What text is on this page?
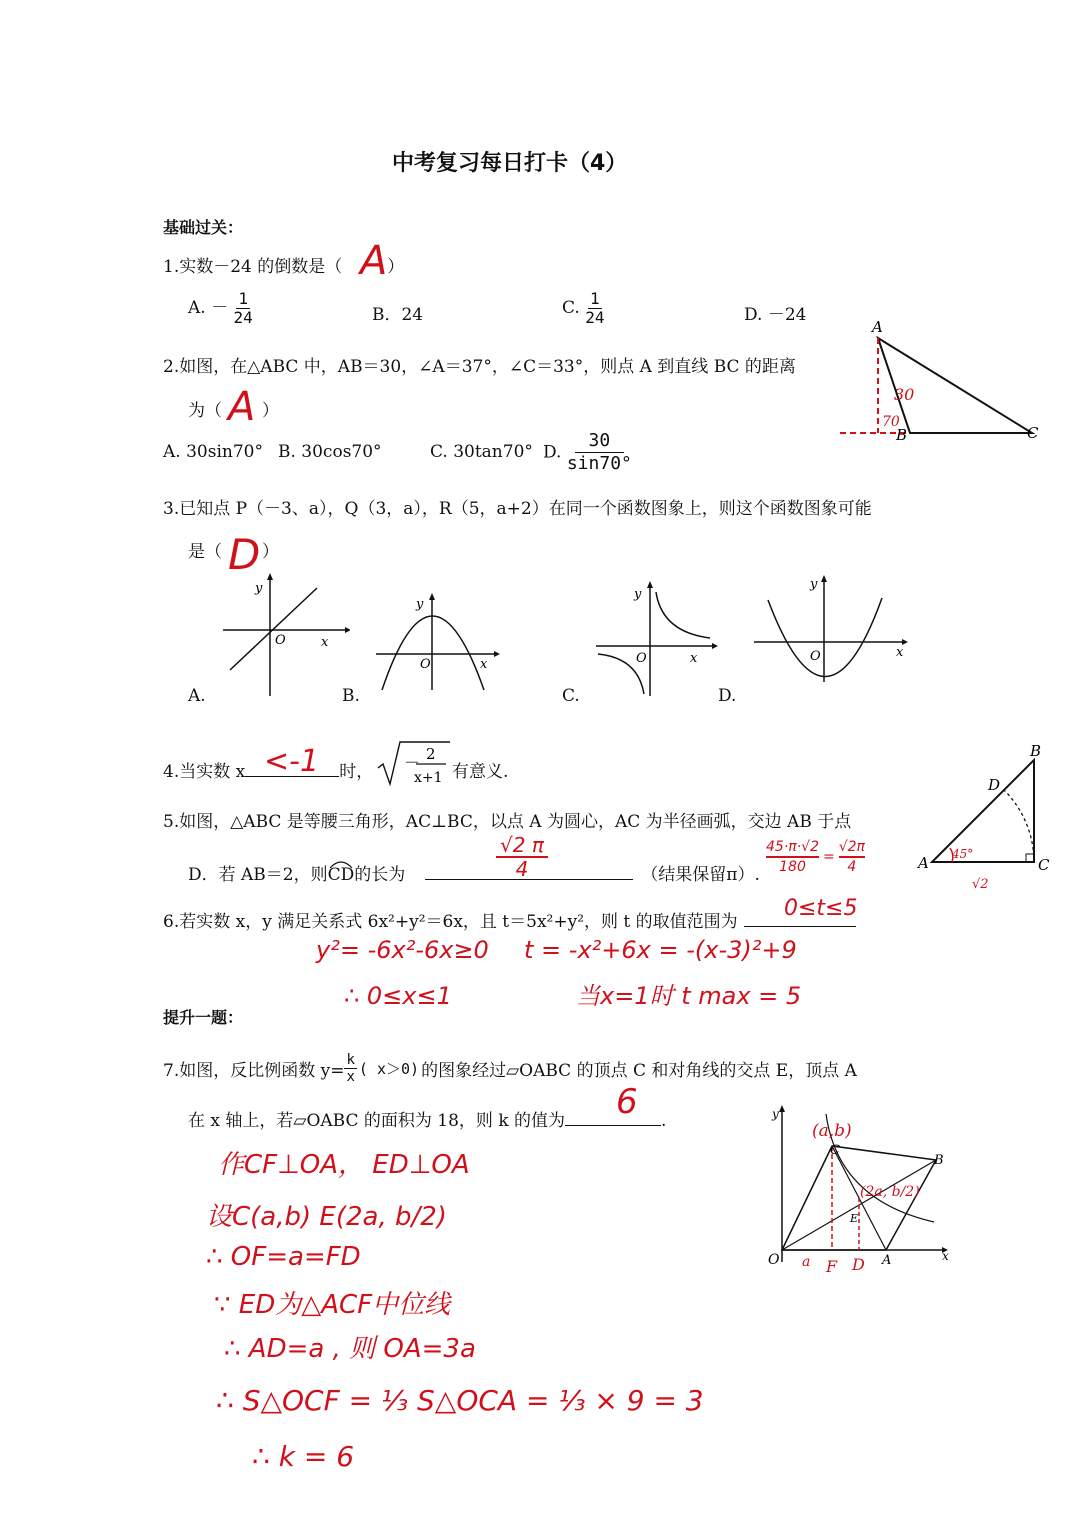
中考复习每日打卡（4）
基础过关：
1.实数－24 的倒数是（	）
A
A. － $\frac{1}{24}$	B．24	C. $\frac{1}{24}$	D. －24
2.如图，在△ABC 中，AB＝30，∠A＝37°，∠C＝33°，则点 A 到直线 BC 的距离
为（ ）
A
A. 30sin70° B. 30cos70°	C. 30tan70° D. $\frac{30}{\sin 70^\circ}$
A
B	C
30
70
3.已知点 P（－3、a），Q（3，a），R（5，a+2）在同一个函数图象上，则这个函数图象可能
是（ ）
D
y
O	x
A.
y
O	x
B.
y
O	x
C.
y
O	x
D.
4.当实数 x	时，
<-1	－ 2
x+1 有意义.
5.如图，△ABC 是等腰三角形，AC⊥BC，以点 A 为圆心，AC 为半径画弧，交边 AB 于点
D．若 AB＝2，则
CD的长为	（结果保留π）.
$\frac{√2 \pi}{4}$	$\frac{45\cdot\pi\cdot√2}{180} = \frac{√2\pi}{4}$	A
B
C
D
45°
√2
6.若实数 x，y 满足关系式 6x²+y²＝6x，且 t＝5x²+y²，则 t 的取值范围为
0≤t≤5
y²= -6x²-6x≥0 t = -x²+6x = -(x-3)²+9
∴ 0≤x≤1	当x=1时 t max = 5
提升一题：
7.如图，反比例函数 $y= \frac{k}{x}$ ( x＞0) 的图象经过▱OABC 的顶点 C 和对角线的交点 E，顶点 A
在 x 轴上，若▱OABC 的面积为 18，则 k 的值为	.
6
作CF⊥OA， ED⊥OA
设C(a,b) E(2a, b/2)
∴ OF=a=FD
∵ ED为△ACF中位线
∴ AD=a , 则 OA=3a
∴ S△OCF = ⅓ S△OCA = ⅓ × 9 = 3
∴ k = 6
O	A
B
C
E
x
y
(a,b)
(2a, b/2)
a F D
